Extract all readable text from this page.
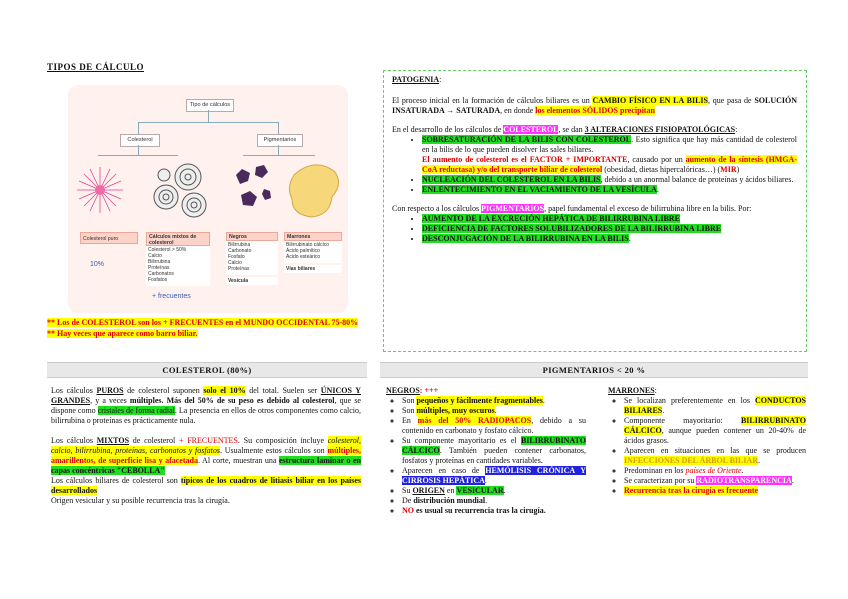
TIPOS DE CÁLCULO
Tipo de cálculos
Colesterol	Pigmentarios
Colesterol puro
10%
Cálculos mixtos de colesterol
Colesterol > 50%
Calcio
Bilirrubina
Proteínas
Carbonatos
Fosfatos
Negros
Bilirrubina
Carbonato
Fosfato
Calcio
Proteínas
Vesícula
Marrones
Bilirrubinato cálcico
Ácido palmítico
Ácido esteárico
Vías biliares
+ frecuentes
** Los de COLESTEROL son los + FRECUENTES en el MUNDO OCCIDENTAL 75-80%
** Hay veces que aparece como barro biliar.
PATOGENIA:
El proceso inicial en la formación de cálculos biliares es un CAMBIO FÍSICO EN LA BILIS, que pasa de SOLUCIÓN INSATURADA → SATURADA, en donde los elementos SÓLIDOS precipitan
En el desarrollo de los cálculos de COLESTEROL, se dan 3 ALTERACIONES FISIOPATOLÓGICAS:
• SOBRESATURACIÓN DE LA BILIS CON COLESTEROL. Esto significa que hay más cantidad de colesterol en la bilis de lo que pueden disolver las sales biliares.
El aumento de colesterol es el FACTOR + IMPORTANTE, causado por un aumento de la síntesis (HMGA-CoA reductasa) y/o del transporte biliar de colesterol (obesidad, dietas hipercalóricas…) (MIR)
• NUCLEACIÓN DEL COLESTEROL EN LA BILIS, debido a un anormal balance de proteínas y ácidos biliares.
• ENLENTECIMIENTO EN EL VACIAMIENTO DE LA VESÍCULA.
Con respecto a los cálculos PIGMENTARIOS, papel fundamental el exceso de bilirrubina libre en la bilis. Por:
• AUMENTO DE LA EXCRECIÓN HEPÁTICA DE BILIRRUBINA LIBRE
• DEFICIENCIA DE FACTORES SOLUBILIZADORES DE LA BILIRRUBINA LIBRE
• DESCONJUGACIÓN DE LA BILIRRUBINA EN LA BILIS.
COLESTEROL (80%)	PIGMENTARIOS < 20 %
Los cálculos PUROS de colesterol suponen solo el 10% del total. Suelen ser ÚNICOS Y GRANDES, y a veces múltiples. Más del 50% de su peso es debido al colesterol, que se dispone como cristales de forma radial. La presencia en ellos de otros componentes como calcio, bilirrubina o proteínas es prácticamente nula.
Los cálculos MIXTOS de colesterol + FRECUENTES. Su composición incluye colesterol, calcio, bilirrubina, proteínas, carbonatos y fosfatos. Usualmente estos cálculos son múltiples, amarillentos, de superficie lisa y afacetada. Al corte, muestran una estructura laminar o en capas concéntricas "CEBOLLA"
Los cálculos biliares de colesterol son típicos de los cuadros de litiasis biliar en los países desarrollados
Origen vesicular y su posible recurrencia tras la cirugía.
NEGROS: +++
◦ Son pequeños y fácilmente fragmentables.
◦ Son múltiples, muy oscuros.
◦ En más del 50% RADIOPACOS, debido a su contenido en carbonato y fosfato cálcico.
◦ Su componente mayoritario es el BILIRRUBINATO CÁLCICO. También pueden contener carbonatos, fosfatos y proteínas en cantidades variables.
◦ Aparecen en caso de HEMÓLISIS CRÓNICA Y CIRROSIS HEPÁTICA.
◦ Su ORIGEN en VESICULAR.
◦ De distribución mundial.
◦ NO es usual su recurrencia tras la cirugía.
MARRONES:
◦ Se localizan preferentemente en los CONDUCTOS BILIARES.
◦ Componente mayoritario: BILIRRUBINATO CÁLCICO, aunque pueden contener un 20-40% de ácidos grasos.
◦ Aparecen en situaciones en las que se producen INFECCIONES DEL ÁRBOL BILIAR.
◦ Predominan en los países de Oriente.
◦ Se caracterizan por su RADIOTRANSPARENCIA.
◦ Recurrencia tras la cirugía es frecuente
